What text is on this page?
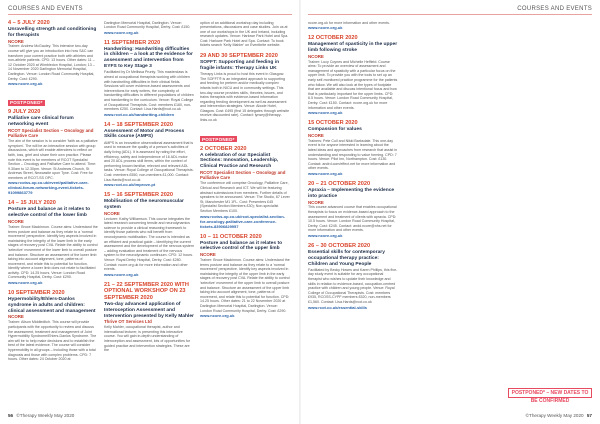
COURSES AND EVENTS
4 – 5 JULY 2020
Unravelling strength and conditioning for therapists
NCORE
Trainer: Andrew McGauley. This intensive two-day course will give you an introduction into how S&C can transform your current practice both with athletes and non-athlete patients. CPD: 13 hours. Other dates: 11 – 12 October 2020 at Wimbledon Hospital, London; 13 – 14 November 2020 Darlington Memorial Hospital, Darlington. Venue: London Road Community Hospital, Derby. Cost: £290.
www.ncore.org.uk
POSTPONED*
9 JULY 2020
Palliative care clinical forum networking event
RCOT Specialist Section – Oncology and Palliative Care
The aim of the session is to consider 'faith as a palliative symptom'. The will be an interactive session with group discussions, which will enable attendees to reflect on faith, loss, grief and share their own practice. Please note this event is for members of RCOT Specialist Section – Oncology and Palliative Care to attend. Time: 9.30am to 12.30pm. Venue: St Andrews Church, St Andrews Street, Newcastle upon Tyne. Cost: Free for members of RCOT-SS OPC.
www.rcotss-op.co.uk/event/palliative-care-clinical-forum-networking-event-tickets-91099863779
14 – 15 JULY 2020
Posture and balance as it relates to selective control of the lower limb
NCORE
Trainer: Bruce Mackinnon. Course aims: Understand the terms posture and balance as they relate to a 'normal movement' perspective. Identify key aspects involved in maintaining the integrity of the lower limb in the early stages of recovery post CVA. Relate the ability to control 'selective' movement of the lower limb to overall posture and balance. Structure an assessment of the lower limb taking into account alignment, tone, patterns of movement, and relate this to potential for function. Identify where a lower limb does not relate to facilitated activity. CPD: 14.25 hours. Venue: London Road Community Hospital, Derby. Cost: £290.
www.ncore.org.uk
10 SEPTEMBER 2020
Hypermobility/Ehlers-Danlos syndrome in adults and children: clinical assessment and management
NCORE
Trainer: Alison Middleditch. This course will provide participants with the opportunity to review and discuss the assessment, treatment and management of Joint Hypermobility Syndrome/Ehlers-Danlos Syndrome. The aim will be to help make decisions and to establish the best of the latest evidence. The course will consider hypermobility in all groups – including those with a total diagnosis and those with complex problems. CPD: 7 hours. Other dates: 24 October 2020 at
Darlington Memorial Hospital, Darlington. Venue: London Road Community Hospital, Derby. Cost: £150.
www.ncore.org.uk
11 SEPTEMBER 2020
Handwriting: Handwriting difficulties in children – a look at the evidence for assessment and intervention from EYFS to Key Stage 3
Facilitated by Dr Mellissa Prunty. This masterclass is aimed at occupational therapists working with children with handwriting difficulties in their clinical fields. Sessions will cover evidence-based assessments and interventions for early writers, the complexity of handwriting difficulties in different populations of children and handwriting in the curriculum. Venue: Royal College of Occupational Therapists. Cost: members £160, non-members £250. Contact: Lisa.Hards@rcot.co.uk
www.rcot.co.uk/handwriting-children
14 – 18 SEPTEMBER 2020
Assessment of Motor and Process Skills course (AMPS)
AMPS is an innovative observational assessment that is used to measure the quality of a person's activities of daily living (ADL). It is assessed by rating the effort, efficiency, safety and independence of 16 ADL motor and 20 ADL process skill items, within the context of performing known familiar, relevant and relevant ADL tasks. Venue: Royal College of Occupational Therapists. Cost: members £550, non-members £1,000. Contact: Lisa.Hards@rcot.co.uk
www.rcot.co.uk/improve-pt
15 – 16 SEPTEMBER 2020
Mobilisation of the neuromuscular system
NCORE
Lecturer: Kathy Williamson. This course integrates the latest research concerning tensile and neurodynamics science to provide a clinical reasoning framework to identify those patients who will benefit from neurodynamic mobilisation. The course is intended as an efficient and practical guide – identifying the current assessment and the development of the nervous system – adding evaluation and treatment of the nervous system to the neurodynamic continuum. CPD: 12 hours. Venue: Royal Derby Hospital, Derby. Cost: £280. Contact: ncore.org.uk for more information and other events.
www.ncore.org.uk
21 – 22 SEPTEMBER 2020 WITH OPTIONAL WORKSHOP ON 23 SEPTEMBER 2020
Two-day advanced application of Interoception Assessment and Intervention presented by Kelly Mahler
Thrive OT Services Ltd
Kelly Mahler, occupational therapist, author and international lecturer, is presenting this interactive course. You will gain in-depth understanding of interoception and assessment, lots of opportunities for guided practice and intervention strategies. These are the
option of an additional workshop day including presentations, discussions and case studies. Join us at one of our workshops in the UK and Ireland, including research updates. Venue: Harlowe Park Hotel and Spa. Cost: Harlowe Park Hotel and Spa. Contact: To book tickets search 'Kelly Mahler' on Eventbrite website.
29 AND 30 SEPTEMBER 2020
SOFFT: Supporting and feeding in fragile infants: Therapy Links UK
Therapy Links is proud to host this event in Glasgow. The SOFFT® is an integrated approach to supporting and feeding for preterm and/or medically complex infants both in NICU and in community settings. This two-day course provides skills, theories, issues, and trains therapists with evidence-based information regarding feeding development as well as assessment and intervention strategies. Venue: Abode Hotel, Glasgow. Cost: £495 (first 15 delegates through website receive discounted rate). Contact: lynsey@therapy-links.co.uk
POSTPONED*
2 OCTOBER 2020
A celebration of our Specialist Sections: Innovation, Leadership, Clinical Practice and Research
RCOT Specialist Section – Oncology and Palliative Care
The conference will comprise Oncology, Palliative Care, Clinical and Research and ICT. We will be featuring abstract submissions from members. Further details of speakers to be announced. Venue: The Studio, 67 Lever St, Manchester M1 1FL. Cost: Presenters £45 (Specialist Section Members £30); Non-specialist Section Members £100.
www.rcotss-op.co.uk/rcot-specialist-section-for-oncology-palliative-care-conference-tickets-83906829957
10 – 11 OCTOBER 2020
Posture and balance as it relates to selective control of the upper limb
NCORE
Trainer: Bruce Mackinnon. Course aims: Understand the terms posture and balance as they relate to a 'normal movement' perspective. Identify key aspects involved in maintaining the integrity of the upper limb in the early stages of recovery post CVA. Relate the ability to control 'selective' movement of the upper limb to overall posture and balance. Structure an assessment of the upper limb taking into account alignment, tone, patterns of movement, and relate this to potential for function. CPD: 14.25 hours. Other dates: 21 to 22 November 2020 at Darlington Memorial Hospital, Darlington. Venue: London Road Community Hospital, Derby. Cost: £290.
www.ncore.org.uk
56 ©Therapy Weekly May 2020
COURSES AND EVENTS
ncore.org.uk for more information and other events.
www.ncore.org.uk
12 OCTOBER 2020
Management of spasticity in the upper limb following stroke
NCORE
Trainer: Lucy Coynes and Michelle Heffield. Course aims: To provide an overview of assessment and management of spasticity with a particular focus on the upper limb. To provide you with the tools to set up an early self-monitored practice programme for the patients who follow. We will also look at the types of footplate that are available and discuss intentional focus and how that is particularly important for the upper limbs. CPD: 6.5 hours. Venue: London Road Community Hospital, Derby. Cost: £150. Contact: ncore.org.uk for more information and other events.
www.ncore.org.uk
15 OCTOBER 2020
Compassion for values
NCORE
Trainers: Pete Cull and Nikki Barksdale. This one-day event is for anyone interested in learning about the latest ideas and approaches from research that assist in understanding and responding to value forming. CPD: 7 hours. Venue: Pilot Inn, Northampton. Cost: £130. Contact: andrd.com/effect.net for more information and other events.
www.ncore.org.uk
20 – 21 OCTOBER 2020
Apraxia – Implementing the evidence into practice
NCORE
This course advanced course that enables occupational therapists to focus on evidence-based approach to the assessment and treatment of clients with apraxia. CPD: 10.5 hours. Venue: London Road Community Hospital, Derby. Cost: £245. Contact: andd.ncore@nhs.net for more information and other events.
www.ncore.org.uk
26 – 30 OCTOBER 2020
Essential skills for contemporary occupational therapy practice: Children and Young People
Facilitated by Becky Howes and Karen Phillips, this five-day study event is suitable for any occupational therapist who wishes to update their knowledge and skills in relation to evidence-based, occupation-centred practice with children and young people. Venue: Royal College of Occupational Therapists. Cost: members £935, RCOSS-CYPF members £520, non-members £1,560. Contact: Lisa.Hards@rcot.co.uk
www.rcot.co.uk/essential-skills
POSTPONED* – NEW DATES TO BE CONFIRMED
©Therapy Weekly May 2020 57
